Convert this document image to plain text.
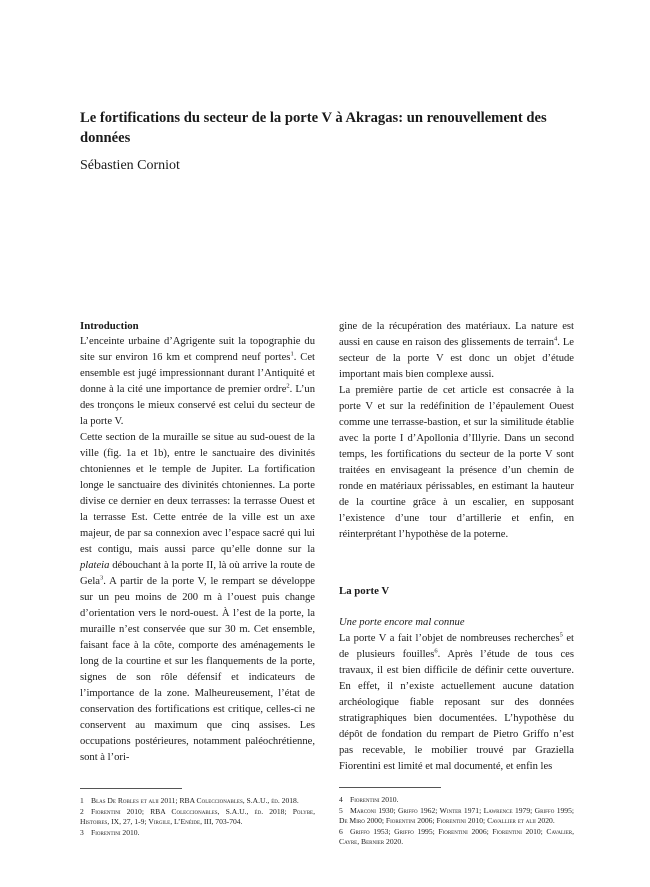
Le fortifications du secteur de la porte V à Akragas: un renouvellement des données

Sébastien Corniot

Introduction

L’enceinte urbaine d’Agrigente suit la topographie du site sur environ 16 km et comprend neuf portes$^1$. Cet ensemble est jugé impressionnant durant l’Antiquité et donne à la cité une importance de premier ordre$^2$. L’un des tronçons le mieux conservé est celui du secteur de la porte V.

Cette section de la muraille se situe au sud-ouest de la ville (fig. 1a et 1b), entre le sanctuaire des divinités chtoniennes et le temple de Jupiter. La fortification longe le sanctuaire des divinités chtoniennes. La porte divise ce dernier en deux terrasses: la terrasse Ouest et la terrasse Est. Cette entrée de la ville est un axe majeur, de par sa connexion avec l’espace sacré qui lui est contigu, mais aussi parce qu’elle donne sur la plateia débouchant à la porte II, là où arrive la route de Gela$^3$. A partir de la porte V, le rempart se développe sur un peu moins de 200 m à l’ouest puis change d’orientation vers le nord-ouest. À l’est de la porte, la muraille n’est conservée que sur 30 m. Cet ensemble, faisant face à la côte, comporte des aménagements le long de la courtine et sur les flanquements de la porte, signes de son rôle défensif et indicateurs de l’importance de la zone. Malheureusement, l’état de conservation des fortifications est critique, celles-ci ne conservent au maximum que cinq assises. Les occupations postérieures, notamment paléochrétienne, sont à l’ori-

gine de la récupération des matériaux. La nature est aussi en cause en raison des glissements de terrain$^4$. Le secteur de la porte V est donc un objet d’étude important mais bien complexe aussi.

La première partie de cet article est consacrée à la porte V et sur la redéfinition de l’épaulement Ouest comme une terrasse-bastion, et sur la similitude établie avec la porte I d’Apollonia d’Illyrie. Dans un second temps, les fortifications du secteur de la porte V sont traitées en envisageant la présence d’un chemin de ronde en matériaux périssables, en estimant la hauteur de la courtine grâce à un escalier, en supposant l’existence d’une tour d’artillerie et enfin, en réinterprétant l’hypothèse de la poterne.

La porte V

Une porte encore mal connue

La porte V a fait l’objet de nombreuses recherches$^5$ et de plusieurs fouilles$^6$. Après l’étude de tous ces travaux, il est bien difficile de définir cette ouverture. En effet, il n’existe actuellement aucune datation archéologique fiable reposant sur des données stratigraphiques bien documentées. L’hypothèse du dépôt de fondation du rempart de Pietro Griffo n’est pas recevable, le mobilier trouvé par Graziella Fiorentini est limité et mal documenté, et enfin les

1 Blas De Robles et alii 2011; RBA Coleccionables, S.A.U., éd. 2018.

2 Fiorentini 2010; RBA Coleccionables, S.A.U., éd. 2018; Polybe, Histoires, IX, 27, 1-9; Virgile, L’Enéide, III, 703-704.

3 Fiorentini 2010.

4 Fiorentini 2010.

5 Marconi 1930; Griffo 1962; Winter 1971; Lawrence 1979; Griffo 1995; De Miro 2000; Fiorentini 2006; Fiorentini 2010; Cavallier et alii 2020.

6 Griffo 1953; Griffo 1995; Fiorentini 2006; Fiorentini 2010; Cavalier, Cayre, Bernier 2020.
